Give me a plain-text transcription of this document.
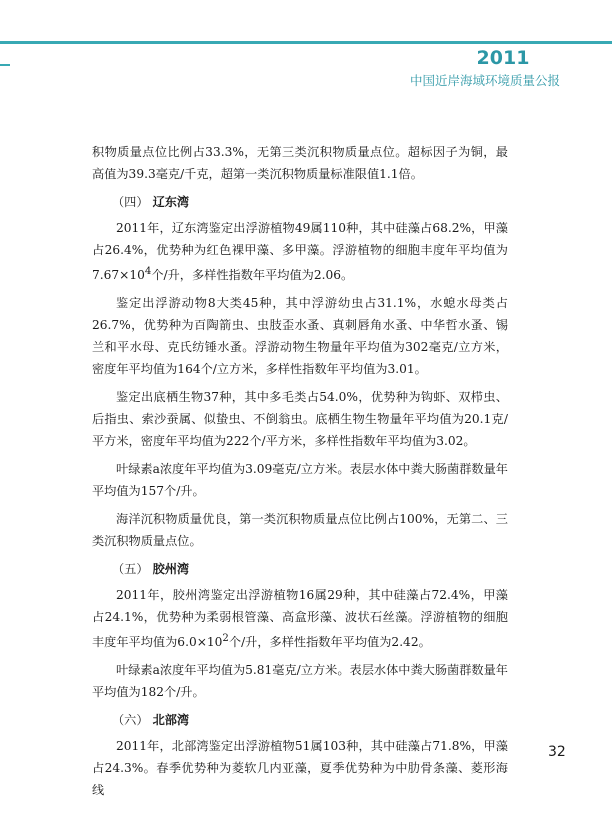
2011
中国近岸海域环境质量公报

积物质量点位比例占33.3%，无第三类沉积物质量点位。超标因子为铜，最高值为39.3毫克/千克，超第一类沉积物质量标准限值1.1倍。

（四） 辽东湾

2011年，辽东湾鉴定出浮游植物49属110种，其中硅藻占68.2%，甲藻占26.4%，优势种为红色裸甲藻、多甲藻。浮游植物的细胞丰度年平均值为$7.67\times 10^4$个/升，多样性指数年平均值为2.06。

鉴定出浮游动物8大类45种，其中浮游幼虫占31.1%，水螅水母类占26.7%，优势种为百陶箭虫、虫肢歪水蚤、真刺唇角水蚤、中华哲水蚤、锡兰和平水母、克氏纺锤水蚤。浮游动物生物量年平均值为302毫克/立方米，密度年平均值为164个/立方米，多样性指数年平均值为3.01。

鉴定出底栖生物37种，其中多毛类占54.0%，优势种为钩虾、双栉虫、后指虫、索沙蚕属、似蛰虫、不倒翁虫。底栖生物生物量年平均值为20.1克/平方米，密度年平均值为222个/平方米，多样性指数年平均值为3.02。

叶绿素a浓度年平均值为3.09毫克/立方米。表层水体中粪大肠菌群数量年平均值为157个/升。

海洋沉积物质量优良，第一类沉积物质量点位比例占100%，无第二、三类沉积物质量点位。

（五） 胶州湾

2011年，胶州湾鉴定出浮游植物16属29种，其中硅藻占72.4%，甲藻占24.1%，优势种为柔弱根管藻、高盒形藻、波状石丝藻。浮游植物的细胞丰度年平均值为$6.0\times 10^2$个/升，多样性指数年平均值为2.42。

叶绿素a浓度年平均值为5.81毫克/立方米。表层水体中粪大肠菌群数量年平均值为182个/升。

（六） 北部湾

2011年，北部湾鉴定出浮游植物51属103种，其中硅藻占71.8%，甲藻占24.3%。春季优势种为菱软几内亚藻，夏季优势种为中肋骨条藻、菱形海线

32
